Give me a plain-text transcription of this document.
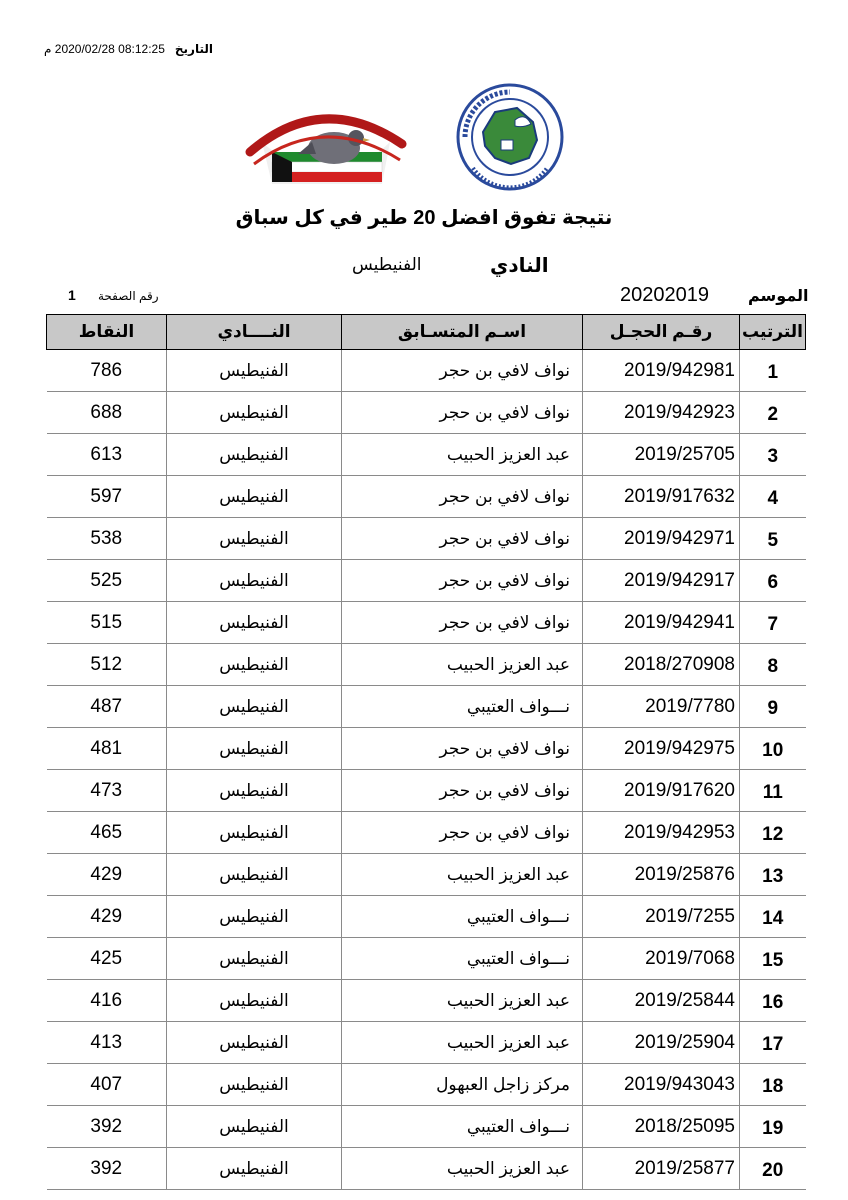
التاريخ08:12:25 2020/02/28 م
نتيجة تفوق افضل 20 طير في كل سباق
النادي
الفنيطيس
الموسم
20202019
رقم الصفحة
1
الترتيب	رقـم الحجـل	اسـم المتسـابق	النــــادي	النقاط
1	2019/942981	نواف لافي بن حجر	الفنيطيس	786
2	2019/942923	نواف لافي بن حجر	الفنيطيس	688
3	2019/25705	عبد العزيز الحبيب	الفنيطيس	613
4	2019/917632	نواف لافي بن حجر	الفنيطيس	597
5	2019/942971	نواف لافي بن حجر	الفنيطيس	538
6	2019/942917	نواف لافي بن حجر	الفنيطيس	525
7	2019/942941	نواف لافي بن حجر	الفنيطيس	515
8	2018/270908	عبد العزيز الحبيب	الفنيطيس	512
9	2019/7780	نـــواف العتيبي	الفنيطيس	487
10	2019/942975	نواف لافي بن حجر	الفنيطيس	481
11	2019/917620	نواف لافي بن حجر	الفنيطيس	473
12	2019/942953	نواف لافي بن حجر	الفنيطيس	465
13	2019/25876	عبد العزيز الحبيب	الفنيطيس	429
14	2019/7255	نـــواف العتيبي	الفنيطيس	429
15	2019/7068	نـــواف العتيبي	الفنيطيس	425
16	2019/25844	عبد العزيز الحبيب	الفنيطيس	416
17	2019/25904	عبد العزيز الحبيب	الفنيطيس	413
18	2019/943043	مركز زاجل العبهول	الفنيطيس	407
19	2018/25095	نـــواف العتيبي	الفنيطيس	392
20	2019/25877	عبد العزيز الحبيب	الفنيطيس	392
